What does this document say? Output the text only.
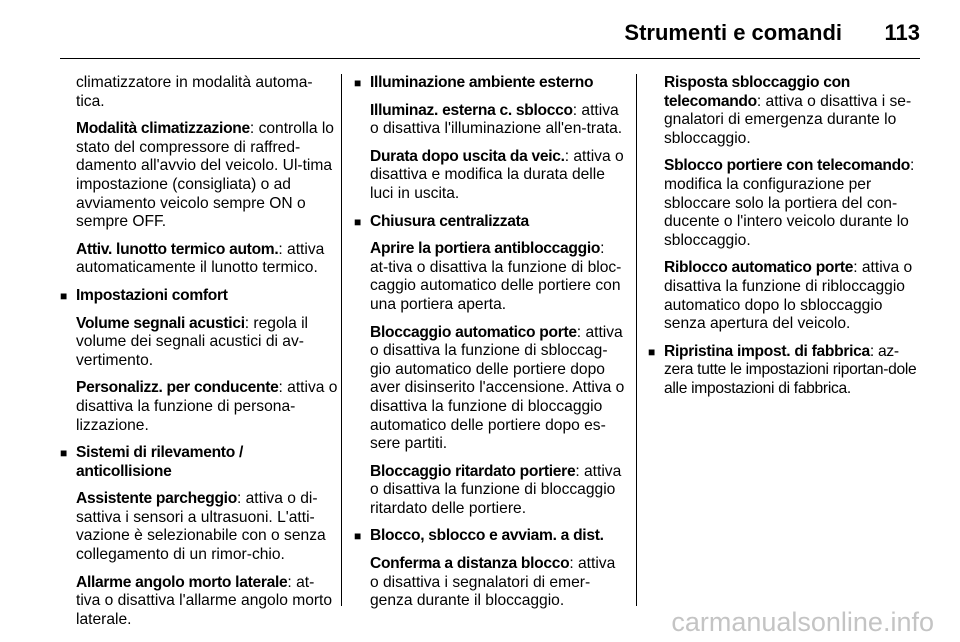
Strumenti e comandi 113

climatizzatore in modalità automa-tica.

Modalità climatizzazione: controlla lo stato del compressore di raffred-damento all'avvio del veicolo. Ul-tima impostazione (consigliata) o ad avviamento veicolo sempre ON o sempre OFF.

Attiv. lunotto termico autom.: attiva automaticamente il lunotto termico.

■ Impostazioni comfort

Volume segnali acustici: regola il volume dei segnali acustici di av-vertimento.

Personalizz. per conducente: attiva o disattiva la funzione di persona-lizzazione.

■ Sistemi di rilevamento / anticollisione

Assistente parcheggio: attiva o di-sattiva i sensori a ultrasuoni. L'atti-vazione è selezionabile con o senza collegamento di un rimor-chio.

Allarme angolo morto laterale: at-tiva o disattiva l'allarme angolo morto laterale.

■ Illuminazione ambiente esterno

Illuminaz. esterna c. sblocco: attiva o disattiva l'illuminazione all'en-trata.

Durata dopo uscita da veic.: attiva o disattiva e modifica la durata delle luci in uscita.

■ Chiusura centralizzata

Aprire la portiera antibloccaggio: at-tiva o disattiva la funzione di bloc-caggio automatico delle portiere con una portiera aperta.

Bloccaggio automatico porte: attiva o disattiva la funzione di sbloccag-gio automatico delle portiere dopo aver disinserito l'accensione. Attiva o disattiva la funzione di bloccaggio automatico delle portiere dopo es-sere partiti.

Bloccaggio ritardato portiere: attiva o disattiva la funzione di bloccaggio ritardato delle portiere.

■ Blocco, sblocco e avviam. a dist.

Conferma a distanza blocco: attiva o disattiva i segnalatori di emer-genza durante il bloccaggio.

Risposta sbloccaggio con telecomando: attiva o disattiva i se-gnalatori di emergenza durante lo sbloccaggio.

Sblocco portiere con telecomando: modifica la configurazione per sbloccare solo la portiera del con-ducente o l'intero veicolo durante lo sbloccaggio.

Riblocco automatico porte: attiva o disattiva la funzione di ribloccaggio automatico dopo lo sbloccaggio senza apertura del veicolo.

■ Ripristina impost. di fabbrica: az-zera tutte le impostazioni riportan-dole alle impostazioni di fabbrica.
carmanualsonline.info
